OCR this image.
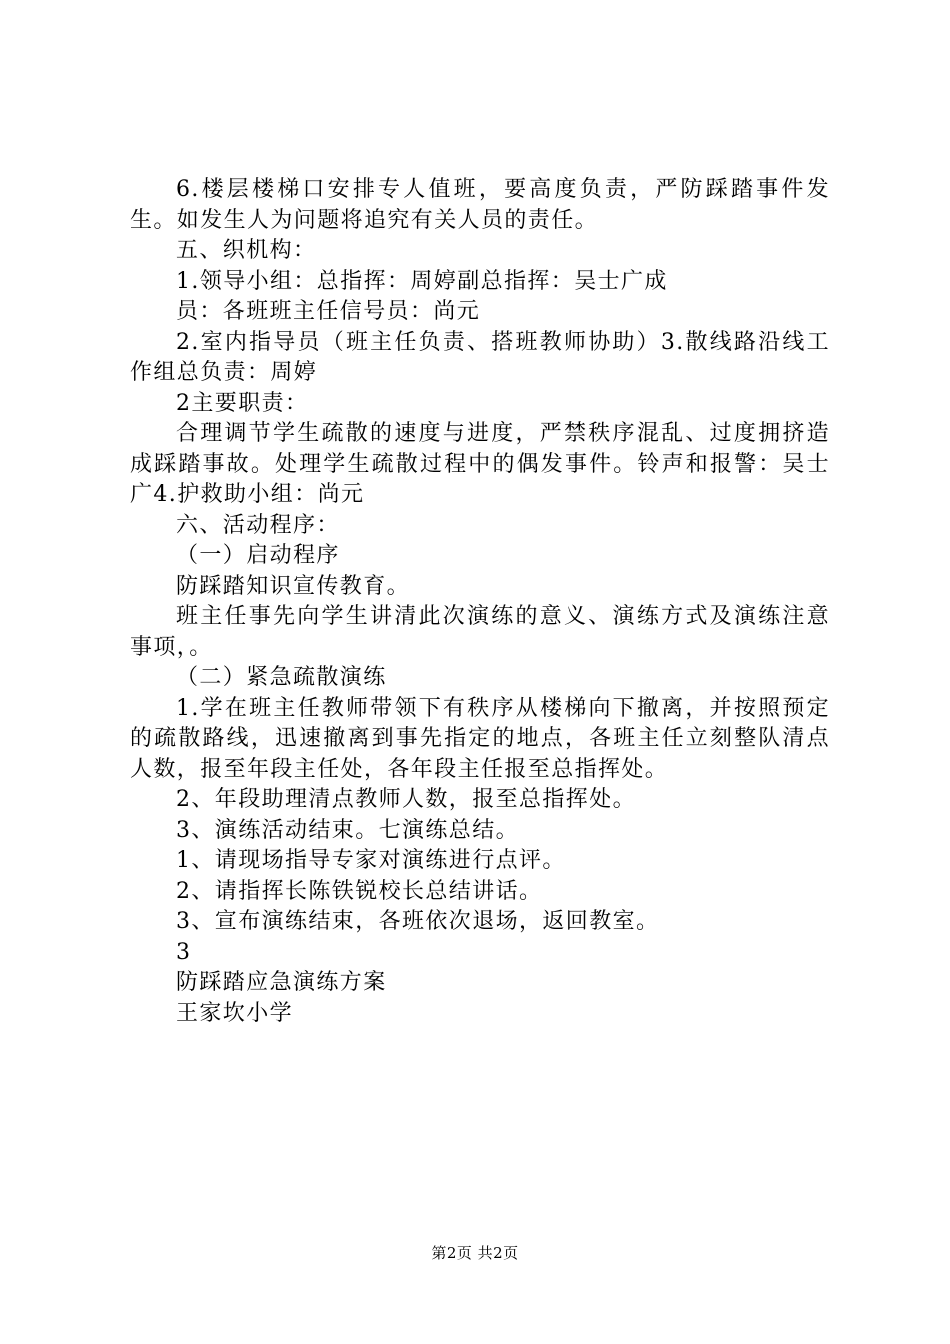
6.楼层楼梯口安排专人值班，要高度负责，严防踩踏事件发生。如发生人为问题将追究有关人员的责任。

五、织机构：

1.领导小组：总指挥：周婷副总指挥：吴士广成

员：各班班主任信号员：尚元

2.室内指导员（班主任负责、搭班教师协助）3.散线路沿线工作组总负责：周婷

2主要职责：

合理调节学生疏散的速度与进度，严禁秩序混乱、过度拥挤造成踩踏事故。处理学生疏散过程中的偶发事件。铃声和报警：吴士广4.护救助小组：尚元

六、活动程序：

（一）启动程序

防踩踏知识宣传教育。

班主任事先向学生讲清此次演练的意义、演练方式及演练注意事项，。

（二）紧急疏散演练

1.学在班主任教师带领下有秩序从楼梯向下撤离，并按照预定的疏散路线，迅速撤离到事先指定的地点，各班主任立刻整队清点人数，报至年段主任处，各年段主任报至总指挥处。

2、年段助理清点教师人数，报至总指挥处。

3、演练活动结束。七演练总结。

1、请现场指导专家对演练进行点评。

2、请指挥长陈铁锐校长总结讲话。

3、宣布演练结束，各班依次退场，返回教室。

3

防踩踏应急演练方案

王家坎小学

第2页 共2页
